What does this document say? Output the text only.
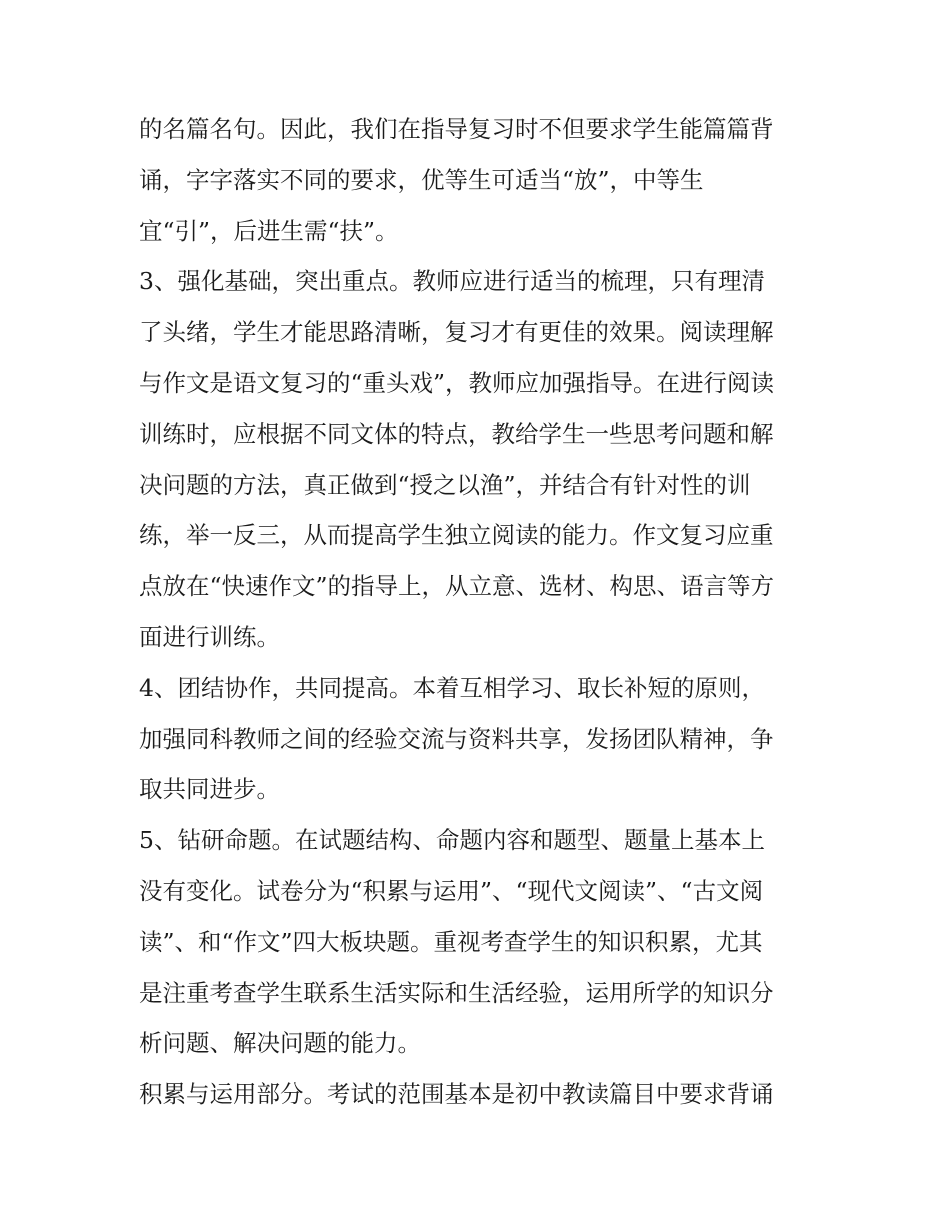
的名篇名句。因此，我们在指导复习时不但要求学生能篇篇背
诵，字字落实不同的要求，优等生可适当“放”，中等生
宜“引”，后进生需“扶”。
3、强化基础，突出重点。教师应进行适当的梳理，只有理清
了头绪，学生才能思路清晰，复习才有更佳的效果。阅读理解
与作文是语文复习的“重头戏”，教师应加强指导。在进行阅读
训练时，应根据不同文体的特点，教给学生一些思考问题和解
决问题的方法，真正做到“授之以渔”，并结合有针对性的训
练，举一反三，从而提高学生独立阅读的能力。作文复习应重
点放在“快速作文”的指导上，从立意、选材、构思、语言等方
面进行训练。
4、团结协作，共同提高。本着互相学习、取长补短的原则，
加强同科教师之间的经验交流与资料共享，发扬团队精神，争
取共同进步。
5、钻研命题。在试题结构、命题内容和题型、题量上基本上
没有变化。试卷分为“积累与运用”、“现代文阅读”、“古文阅
读”、和“作文”四大板块题。重视考查学生的知识积累，尤其
是注重考查学生联系生活实际和生活经验，运用所学的知识分
析问题、解决问题的能力。
积累与运用部分。考试的范围基本是初中教读篇目中要求背诵
